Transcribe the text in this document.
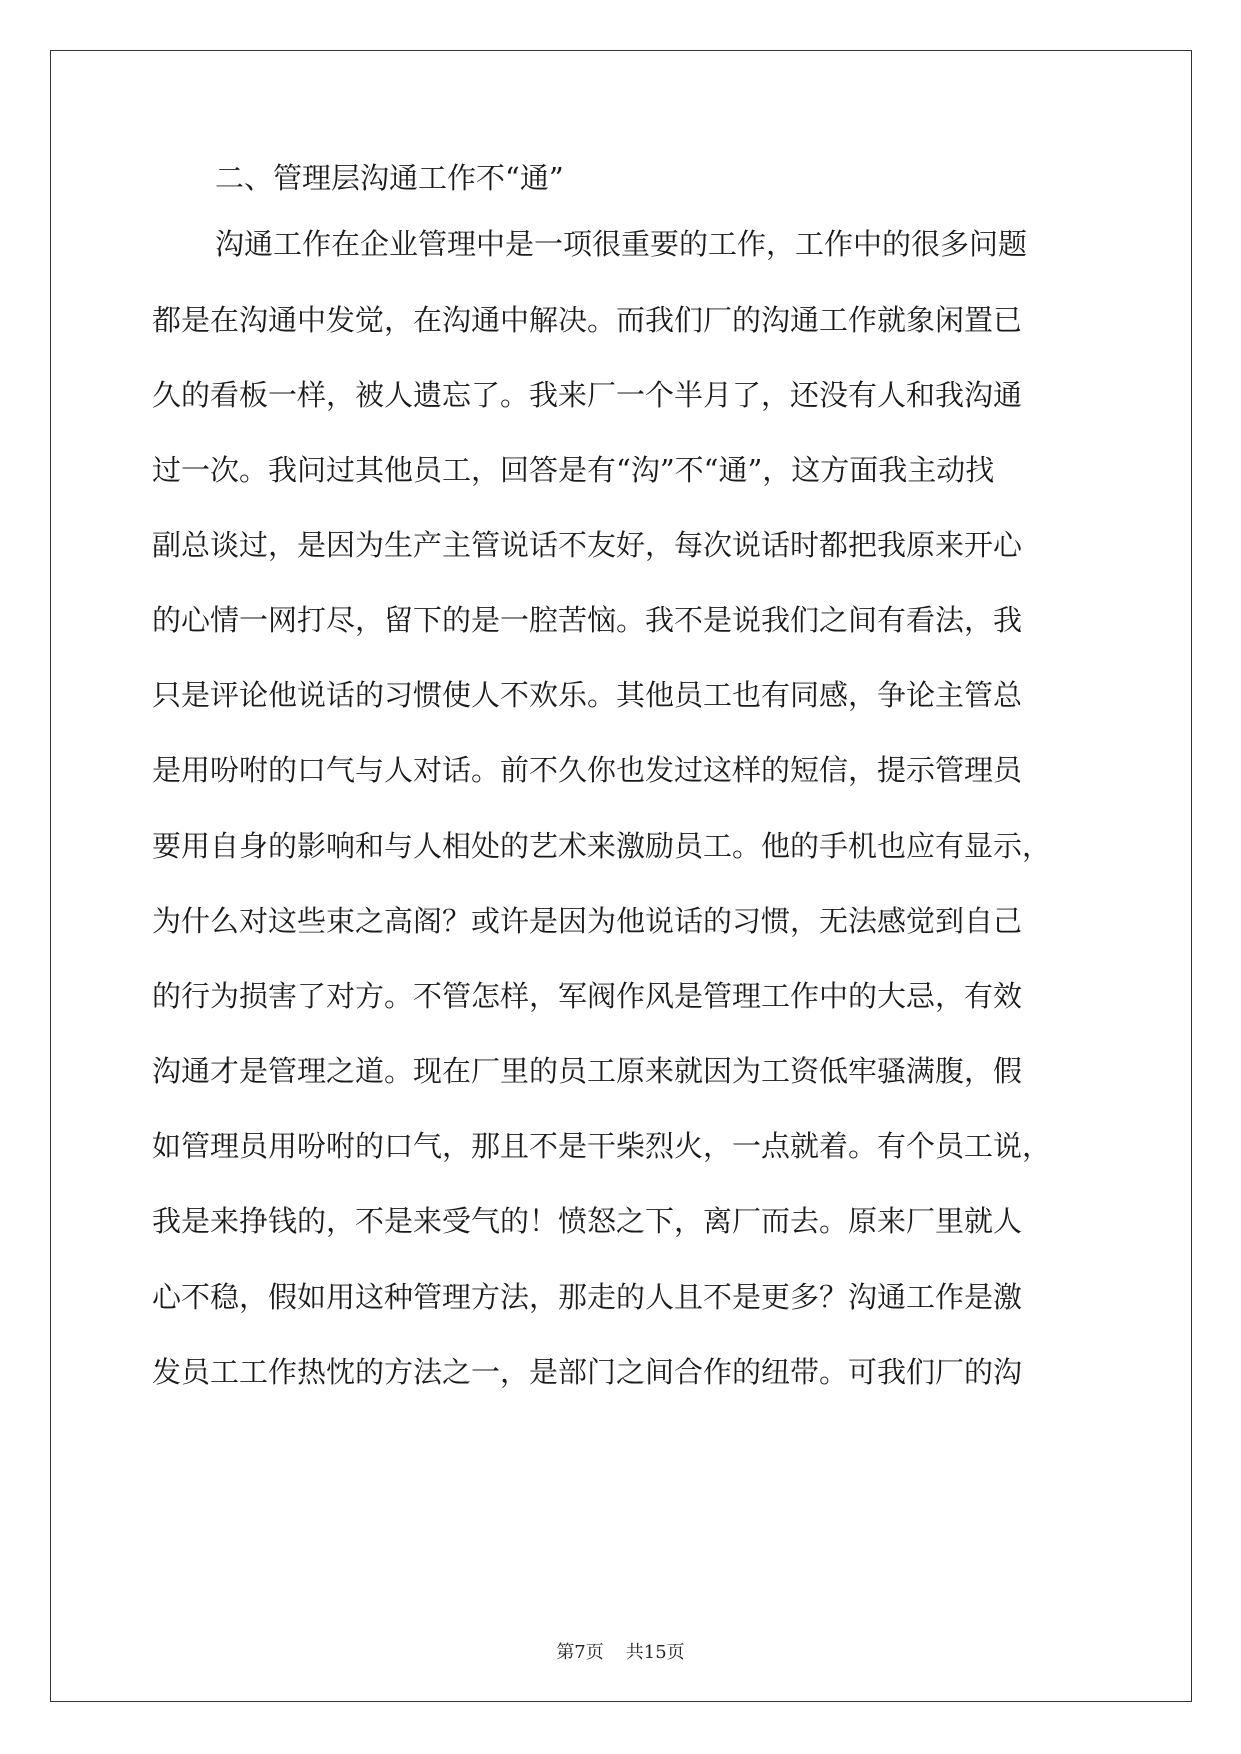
二、管理层沟通工作不“通”
沟通工作在企业管理中是一项很重要的工作，工作中的很多问题
都是在沟通中发觉，在沟通中解决。而我们厂的沟通工作就象闲置已
久的看板一样，被人遗忘了。我来厂一个半月了，还没有人和我沟通
过一次。我问过其他员工，回答是有“沟”不“通”，这方面我主动找
副总谈过，是因为生产主管说话不友好，每次说话时都把我原来开心
的心情一网打尽，留下的是一腔苦恼。我不是说我们之间有看法，我
只是评论他说话的习惯使人不欢乐。其他员工也有同感，争论主管总
是用吩咐的口气与人对话。前不久你也发过这样的短信，提示管理员
要用自身的影响和与人相处的艺术来激励员工。他的手机也应有显示，
为什么对这些束之高阁？或许是因为他说话的习惯，无法感觉到自己
的行为损害了对方。不管怎样，军阀作风是管理工作中的大忌，有效
沟通才是管理之道。现在厂里的员工原来就因为工资低牢骚满腹，假
如管理员用吩咐的口气，那且不是干柴烈火，一点就着。有个员工说，
我是来挣钱的，不是来受气的！愤怒之下，离厂而去。原来厂里就人
心不稳，假如用这种管理方法，那走的人且不是更多？沟通工作是激
发员工工作热忱的方法之一，是部门之间合作的纽带。可我们厂的沟
第7页 共15页
